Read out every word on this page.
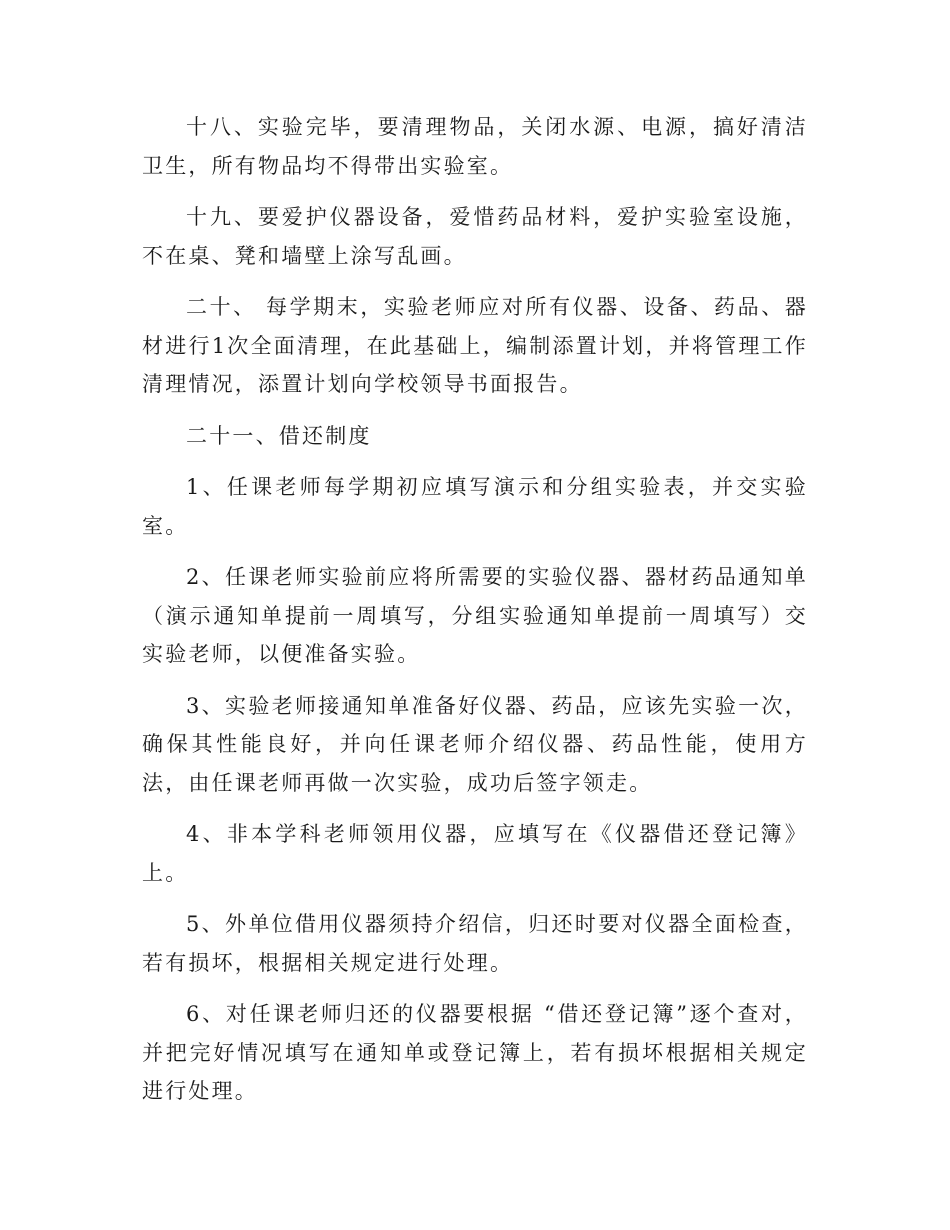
十八、实验完毕，要清理物品，关闭水源、电源，搞好清洁卫生，所有物品均不得带出实验室。

十九、要爱护仪器设备，爱惜药品材料，爱护实验室设施，不在桌、凳和墙壁上涂写乱画。

二十、 每学期末，实验老师应对所有仪器、设备、药品、器材进行1次全面清理，在此基础上，编制添置计划，并将管理工作清理情况，添置计划向学校领导书面报告。

二十一、借还制度

1、任课老师每学期初应填写演示和分组实验表，并交实验室。

2、任课老师实验前应将所需要的实验仪器、器材药品通知单（演示通知单提前一周填写，分组实验通知单提前一周填写）交实验老师，以便准备实验。

3、实验老师接通知单准备好仪器、药品，应该先实验一次，确保其性能良好，并向任课老师介绍仪器、药品性能，使用方法，由任课老师再做一次实验，成功后签字领走。

4、非本学科老师领用仪器，应填写在《仪器借还登记簿》上。

5、外单位借用仪器须持介绍信，归还时要对仪器全面检查，若有损坏，根据相关规定进行处理。

6、对任课老师归还的仪器要根据 “借还登记簿”逐个查对，并把完好情况填写在通知单或登记簿上，若有损坏根据相关规定进行处理。
